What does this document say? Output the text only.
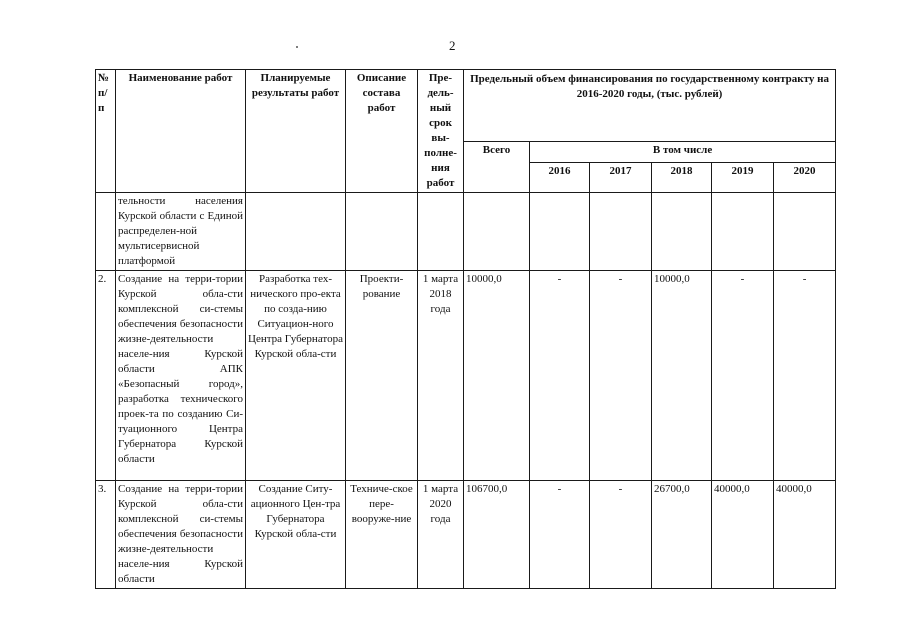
2
№ п/п	Наименование работ	Планируемые результаты работ	Описание состава работ	Пре-дель-ный срок вы-полне-ния работ	Предельный объем финансирования по государственному контракту на 2016-2020 годы, (тыс. рублей)					
					Всего	В том числе				
						2016	2017	2018	2019	2020
	тельности населения Курской области с Единой распределен-ной мультисервисной платформой									
2.	Создание на терри-тории Курской обла-сти комплексной си-стемы обеспечения безопасности жизне-деятельности населе-ния Курской области АПК «Безопасный город», разработка технического проек-та по созданию Си-туационного Центра Губернатора Курской области	Разработка тех-нического про-екта по созда-нию Ситуацион-ного Центра Губернатора Курской обла-сти	Проекти-рование	1 марта 2018 года	10000,0	-	-	10000,0	-	-
3.	Создание на терри-тории Курской обла-сти комплексной си-стемы обеспечения безопасности жизне-деятельности населе-ния Курской области	Создание Ситу-ационного Цен-тра Губернатора Курской обла-сти	Техниче-ское пере-вооруже-ние	1 марта 2020 года	106700,0	-	-	26700,0	40000,0	40000,0
